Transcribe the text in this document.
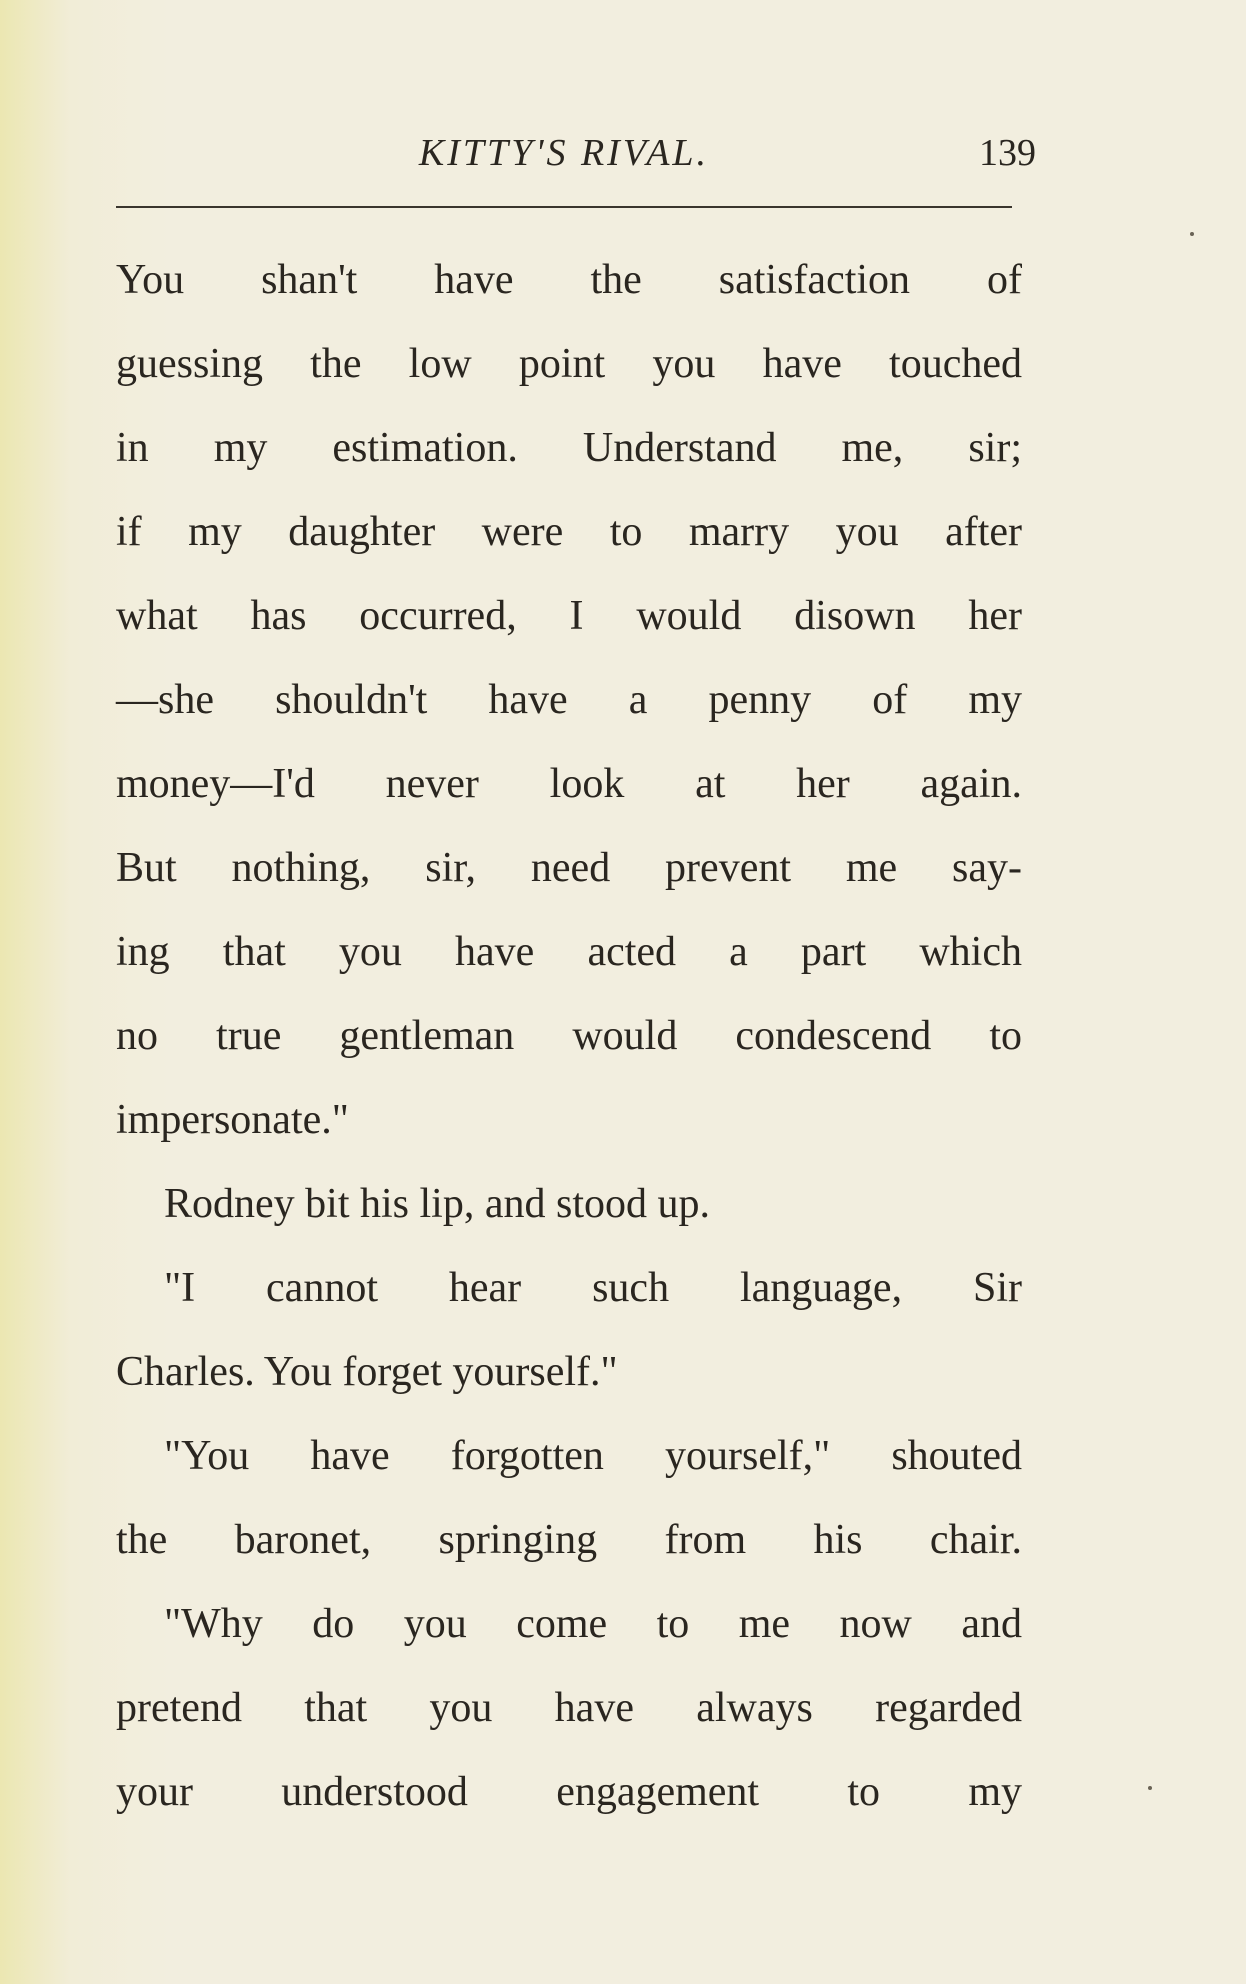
KITTY'S RIVAL.	139
You shan't have the satisfaction of
guessing the low point you have touched
in my estimation. Understand me, sir;
if my daughter were to marry you after
what has occurred, I would disown her
—she shouldn't have a penny of my
money—I'd never look at her again.
But nothing, sir, need prevent me say-
ing that you have acted a part which
no true gentleman would condescend to
impersonate."
Rodney bit his lip, and stood up.
"I cannot hear such language, Sir
Charles. You forget yourself."
"You have forgotten yourself," shouted
the baronet, springing from his chair.
"Why do you come to me now and
pretend that you have always regarded
your understood engagement to my
